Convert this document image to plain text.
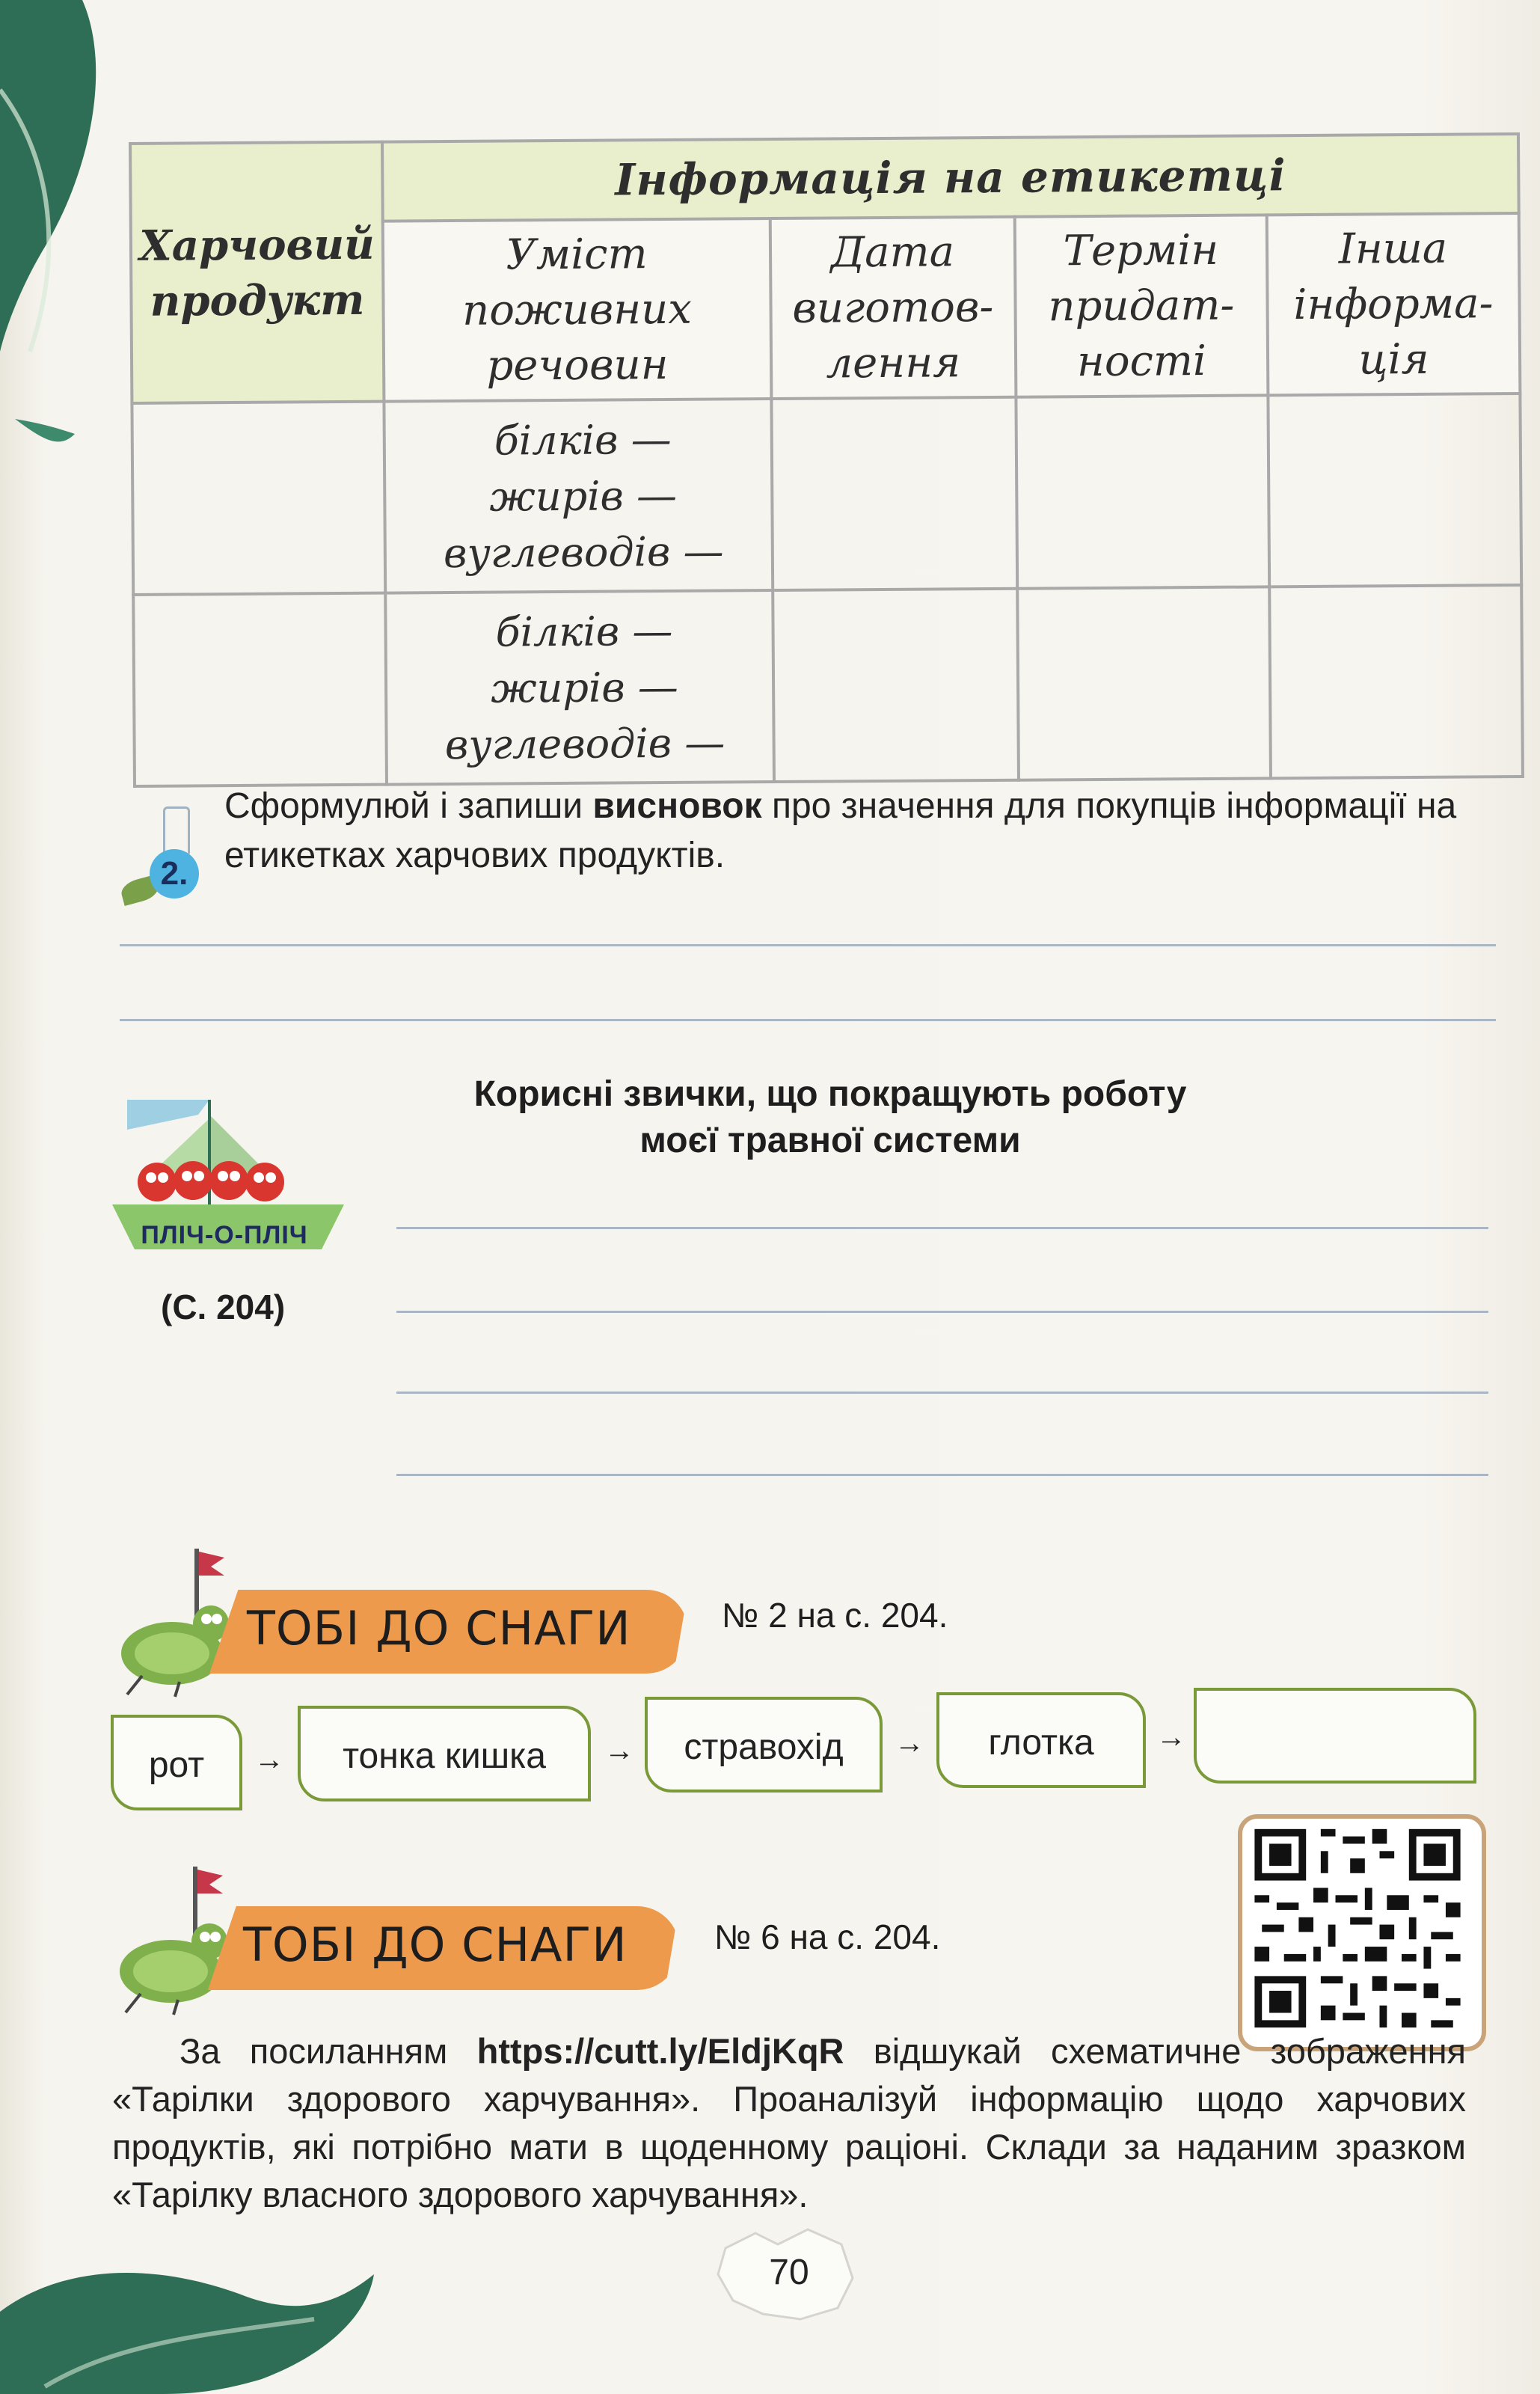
Харчовий продукт	Інформація на етикетці			
	Уміст поживних речовин	Дата виготов-лення	Термін придат-ності	Інша інформа-ція

	білків —
жирів —
вуглеводів —			

	білків —
жирів —
вуглеводів —			

2.
Сформулюй і запиши висновок про значення для покупців інформації на етикетках харчових продуктів.
ПЛІЧ-О-ПЛІЧ
(С. 204)
Корисні звички, що покращують роботу
моєї травної системи
ТОБІ ДО СНАГИ	№ 2 на с. 204.
рот	→	тонка кишка	→	стравохід	→	глотка	→
ТОБІ ДО СНАГИ	№ 6 на с. 204.
За посиланням https://cutt.ly/EldjKqR відшукай схематичне зображення «Тарілки здорового харчування». Проаналізуй інформацію щодо харчових продуктів, які потрібно мати в щоденному раціоні. Склади за наданим зразком «Тарілку власного здорового харчування».
70
